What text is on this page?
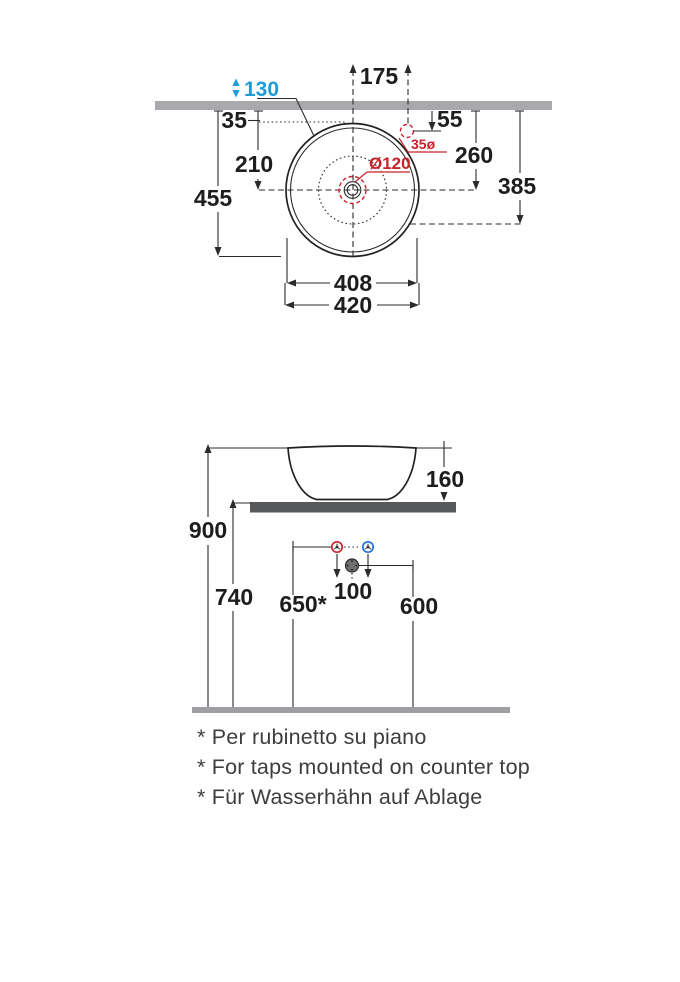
175
130
35
210
455
35ø
55
Ø120 260
385
408
420
160
900
740 650* 100
600
* Per rubinetto su piano
* For taps mounted on counter top
* Für Wasserhähn auf Ablage
